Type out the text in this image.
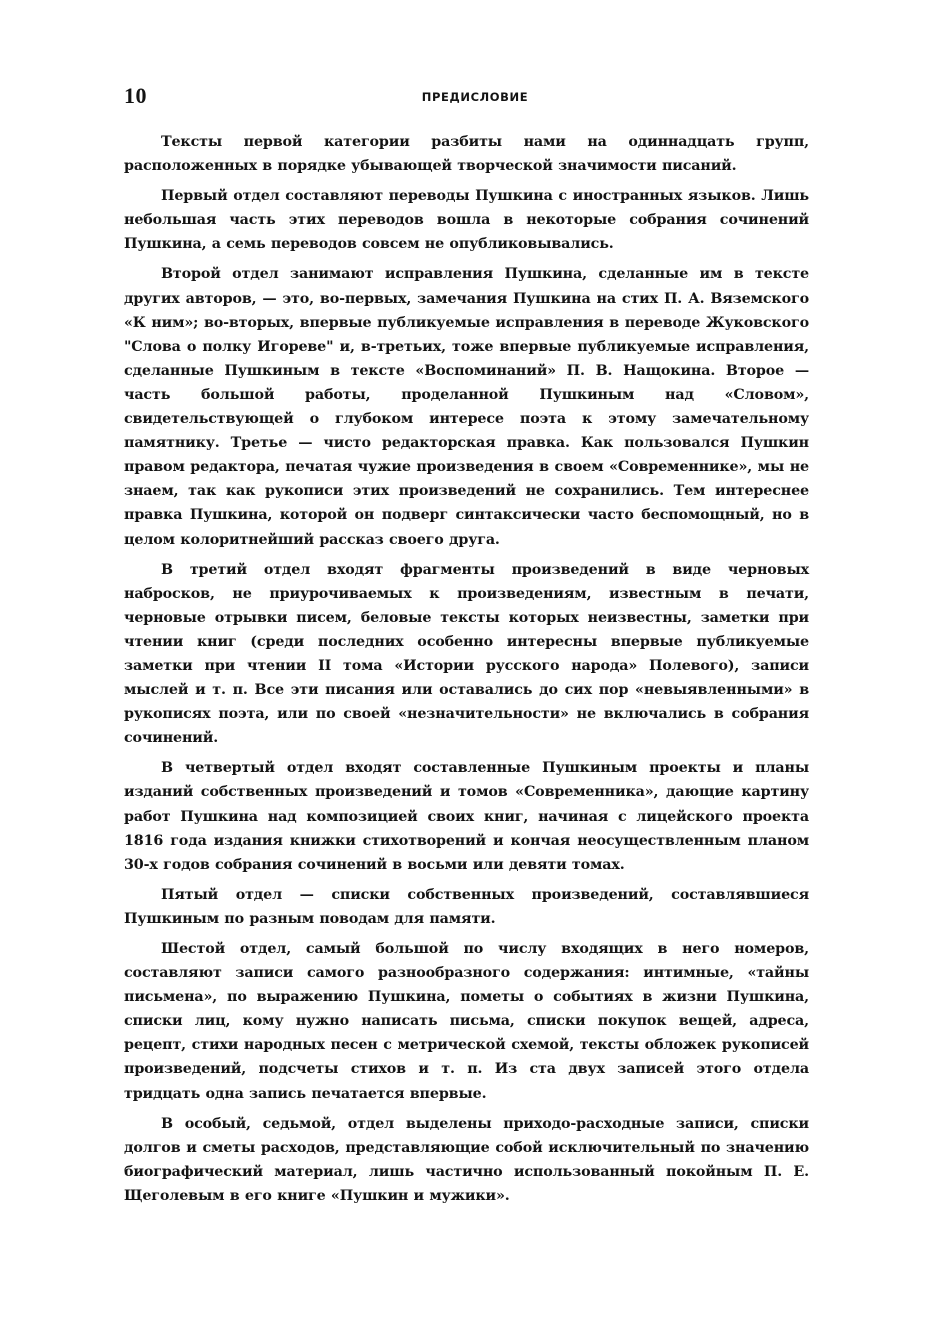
10	ПРЕДИСЛОВИЕ

Тексты первой категории разбиты нами на одиннадцать групп, расположенных в порядке убывающей творческой значимости писаний.

Первый отдел составляют переводы Пушкина с иностранных языков. Лишь небольшая часть этих переводов вошла в некоторые собрания сочинений Пушкина, а семь переводов совсем не опубликовывались.

Второй отдел занимают исправления Пушкина, сделанные им в тексте других авторов, — это, во-первых, замечания Пушкина на стих П. А. Вяземского «К ним»; во-вторых, впервые публикуемые исправления в переводе Жуковского "Слова о полку Игореве" и, в-третьих, тоже впервые публикуемые исправления, сделанные Пушкиным в тексте «Воспоминаний» П. В. Нащокина. Второе — часть большой работы, проделанной Пушкиным над «Словом», свидетельствующей о глубоком интересе поэта к этому замечательному памятнику. Третье — чисто редакторская правка. Как пользовался Пушкин правом редактора, печатая чужие произведения в своем «Современнике», мы не знаем, так как рукописи этих произведений не сохранились. Тем интереснее правка Пушкина, которой он подверг синтаксически часто беспомощный, но в целом колоритнейший рассказ своего друга.

В третий отдел входят фрагменты произведений в виде черновых набросков, не приурочиваемых к произведениям, известным в печати, черновые отрывки писем, беловые тексты которых неизвестны, заметки при чтении книг (среди последних особенно интересны впервые публикуемые заметки при чтении II тома «Истории русского народа» Полевого), записи мыслей и т. п. Все эти писания или оставались до сих пор «невыявленными» в рукописях поэта, или по своей «незначительности» не включались в собрания сочинений.

В четвертый отдел входят составленные Пушкиным проекты и планы изданий собственных произведений и томов «Современника», дающие картину работ Пушкина над композицией своих книг, начиная с лицейского проекта 1816 года издания книжки стихотворений и кончая неосуществленным планом 30-х годов собрания сочинений в восьми или девяти томах.

Пятый отдел — списки собственных произведений, составлявшиеся Пушкиным по разным поводам для памяти.

Шестой отдел, самый большой по числу входящих в него номеров, составляют записи самого разнообразного содержания: интимные, «тайны письмена», по выражению Пушкина, пометы о событиях в жизни Пушкина, списки лиц, кому нужно написать письма, списки покупок вещей, адреса, рецепт, стихи народных песен с метрической схемой, тексты обложек рукописей произведений, подсчеты стихов и т. п. Из ста двух записей этого отдела тридцать одна запись печатается впервые.

В особый, седьмой, отдел выделены приходо-расходные записи, списки долгов и сметы расходов, представляющие собой исключительный по значению биографический материал, лишь частично использованный покойным П. Е. Щеголевым в его книге «Пушкин и мужики».
